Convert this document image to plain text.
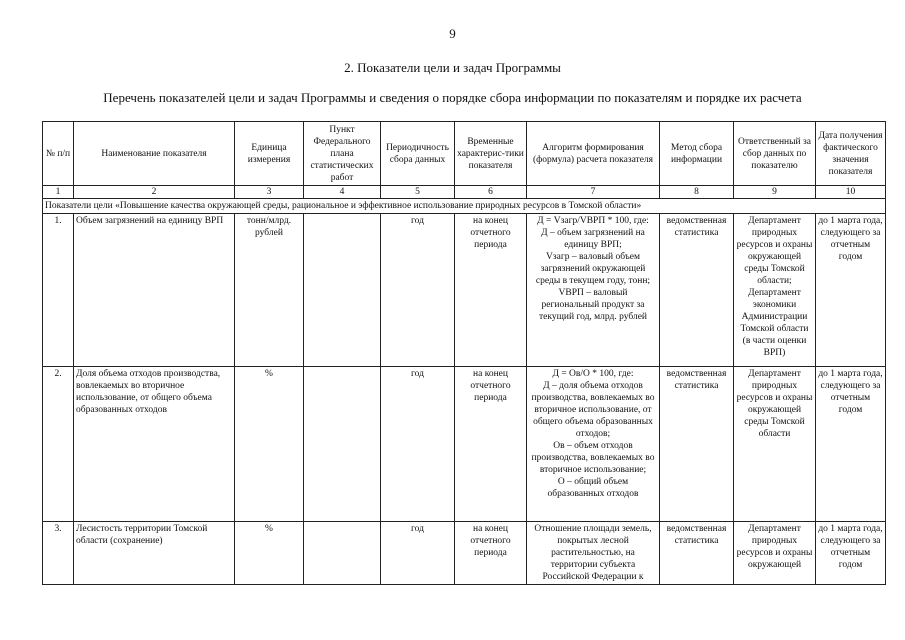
9
2. Показатели цели и задач Программы
Перечень показателей цели и задач Программы и сведения о порядке сбора информации по показателям и порядке их расчета
№ п/п	Наименование показателя	Единица измерения	Пункт Федерального плана статистических работ	Периодичность сбора данных	Временные характерис-тики показателя	Алгоритм формирования (формула) расчета показателя	Метод сбора информации	Ответственный за сбор данных по показателю	Дата получения фактического значения показателя
1	2	3	4	5	6	7	8	9	10
Показатели цели «Повышение качества окружающей среды, рациональное и эффективное использование природных ресурсов в Томской области»									
1.	Объем загрязнений на единицу ВРП	тонн/млрд. рублей		год	на конец отчетного периода	Д = Vзагр/VВРП * 100, где:
Д – объем загрязнений на единицу ВРП;
Vзагр – валовый объем загрязнений окружающей среды в текущем году, тонн;
VВРП – валовый региональный продукт за текущий год, млрд. рублей	ведомственная статистика	Департамент природных ресурсов и охраны окружающей среды Томской области;
Департамент экономики Администрации Томской области (в части оценки ВРП)	до 1 марта года, следующего за отчетным годом
2.	Доля объема отходов производства, вовлекаемых во вторичное использование, от общего объема образованных отходов	%		год	на конец отчетного периода	Д = Ов/О * 100, где:
Д – доля объема отходов производства, вовлекаемых во вторичное использование, от общего объема образованных отходов;
Ов – объем отходов производства, вовлекаемых во вторичное использование;
О – общий объем образованных отходов	ведомственная статистика	Департамент природных ресурсов и охраны окружающей среды Томской области	до 1 марта года, следующего за отчетным годом
3.	Лесистость территории Томской области (сохранение)	%		год	на конец отчетного периода	Отношение площади земель, покрытых лесной растительностью, на территории субъекта Российской Федерации к	ведомственная статистика	Департамент природных ресурсов и охраны окружающей	до 1 марта года, следующего за отчетным годом
